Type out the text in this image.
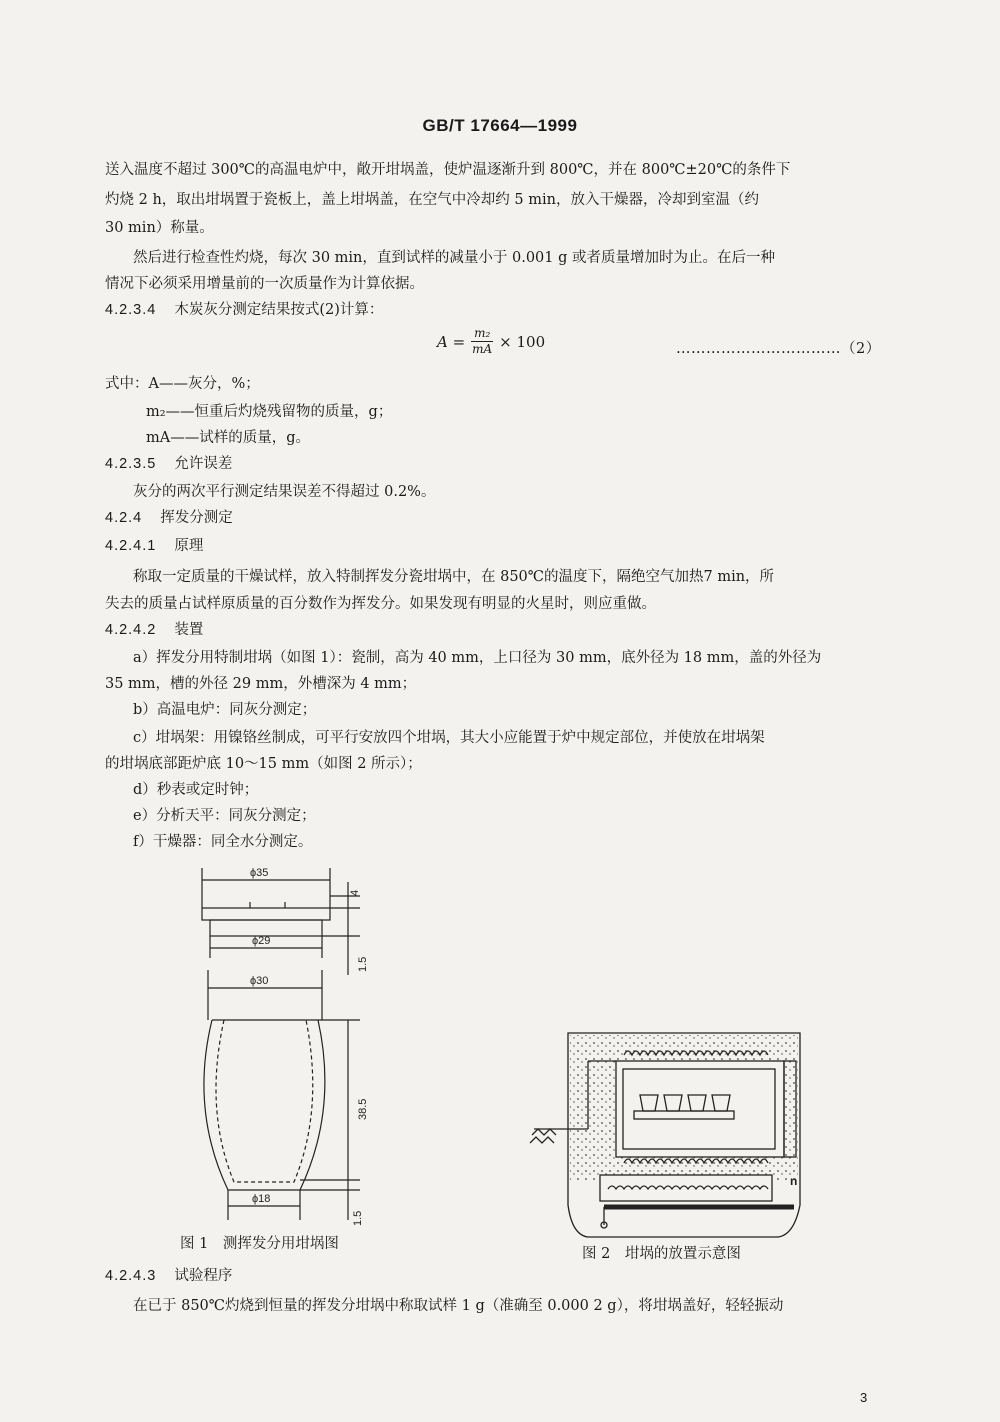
GB/T 17664—1999
送入温度不超过 300℃的高温电炉中，敞开坩埚盖，使炉温逐渐升到 800℃，并在 800℃±20℃的条件下
灼烧 2 h，取出坩埚置于瓷板上，盖上坩埚盖，在空气中冷却约 5 min，放入干燥器，冷却到室温（约
30 min）称量。
然后进行检查性灼烧，每次 30 min，直到试样的减量小于 0.001 g 或者质量增加时为止。在后一种
情况下必须采用增量前的一次质量作为计算依据。
4.2.3.4 木炭灰分测定结果按式(2)计算：
$A = \frac{\text{m₂}}{mA} \times 100$	……………………………（2）
式中：A——灰分，%；
m₂——恒重后灼烧残留物的质量，g；
mA——试样的质量，g。
4.2.3.5 允许误差
灰分的两次平行测定结果误差不得超过 0.2%。
4.2.4 挥发分测定
4.2.4.1 原理
称取一定质量的干燥试样，放入特制挥发分瓷坩埚中，在 850℃的温度下，隔绝空气加热7 min，所
失去的质量占试样原质量的百分数作为挥发分。如果发现有明显的火星时，则应重做。
4.2.4.2 装置
a）挥发分用特制坩埚（如图 1）：瓷制，高为 40 mm，上口径为 30 mm，底外径为 18 mm，盖的外径为
35 mm，槽的外径 29 mm，外槽深为 4 mm；
b）高温电炉：同灰分测定；
c）坩埚架：用镍铬丝制成，可平行安放四个坩埚，其大小应能置于炉中规定部位，并使放在坩埚架
的坩埚底部距炉底 10～15 mm（如图 2 所示）；
d）秒表或定时钟；
e）分析天平：同灰分测定；
f）干燥器：同全水分测定。
ϕ35
ϕ29
ϕ30
ϕ18
4
1.5
38.5
1.5
图 1　测挥发分用坩埚图
n
图 2　坩埚的放置示意图
4.2.4.3 试验程序
在已于 850℃灼烧到恒量的挥发分坩埚中称取试样 1 g（准确至 0.000 2 g），将坩埚盖好，轻轻振动
3
